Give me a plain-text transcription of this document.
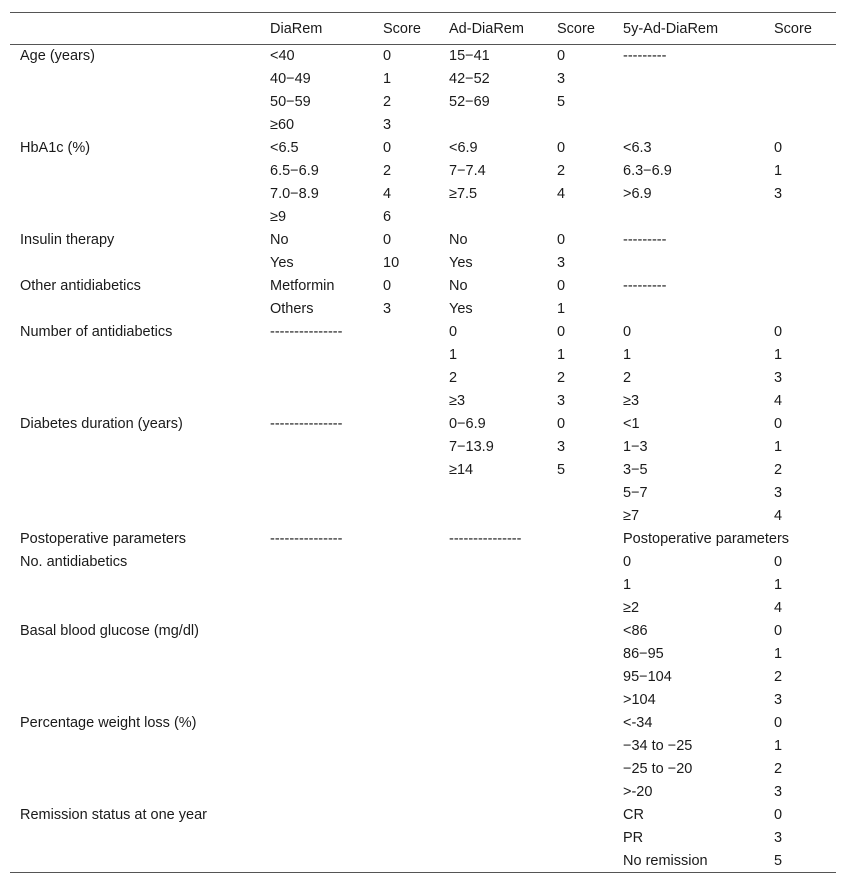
	DiaRem	Score	Ad-DiaRem	Score	5y-Ad-DiaRem	Score
Age (years)	<40	0	15−41	0	---------	
	40−49	1	42−52	3		
	50−59	2	52−69	5		
	≥60	3				
HbA1c (%)	<6.5	0	<6.9	0	<6.3	0
	6.5−6.9	2	7−7.4	2	6.3−6.9	1
	7.0−8.9	4	≥7.5	4	>6.9	3
	≥9	6				
Insulin therapy	No	0	No	0	---------	
	Yes	10	Yes	3		
Other antidiabetics	Metformin	0	No	0	---------	
	Others	3	Yes	1		
Number of antidiabetics	---------------		0	0	0	0
			1	1	1	1
			2	2	2	3
			≥3	3	≥3	4
Diabetes duration (years)	---------------		0−6.9	0	<1	0
			7−13.9	3	1−3	1
			≥14	5	3−5	2
					5−7	3
					≥7	4
Postoperative parameters	---------------		---------------		Postoperative parameters	
No. antidiabetics					0	0
					1	1
					≥2	4
Basal blood glucose (mg/dl)					<86	0
					86−95	1
					95−104	2
					>104	3
Percentage weight loss (%)					<-34	0
					−34 to −25	1
					−25 to −20	2
					>-20	3
Remission status at one year					CR	0
					PR	3
					No remission	5
